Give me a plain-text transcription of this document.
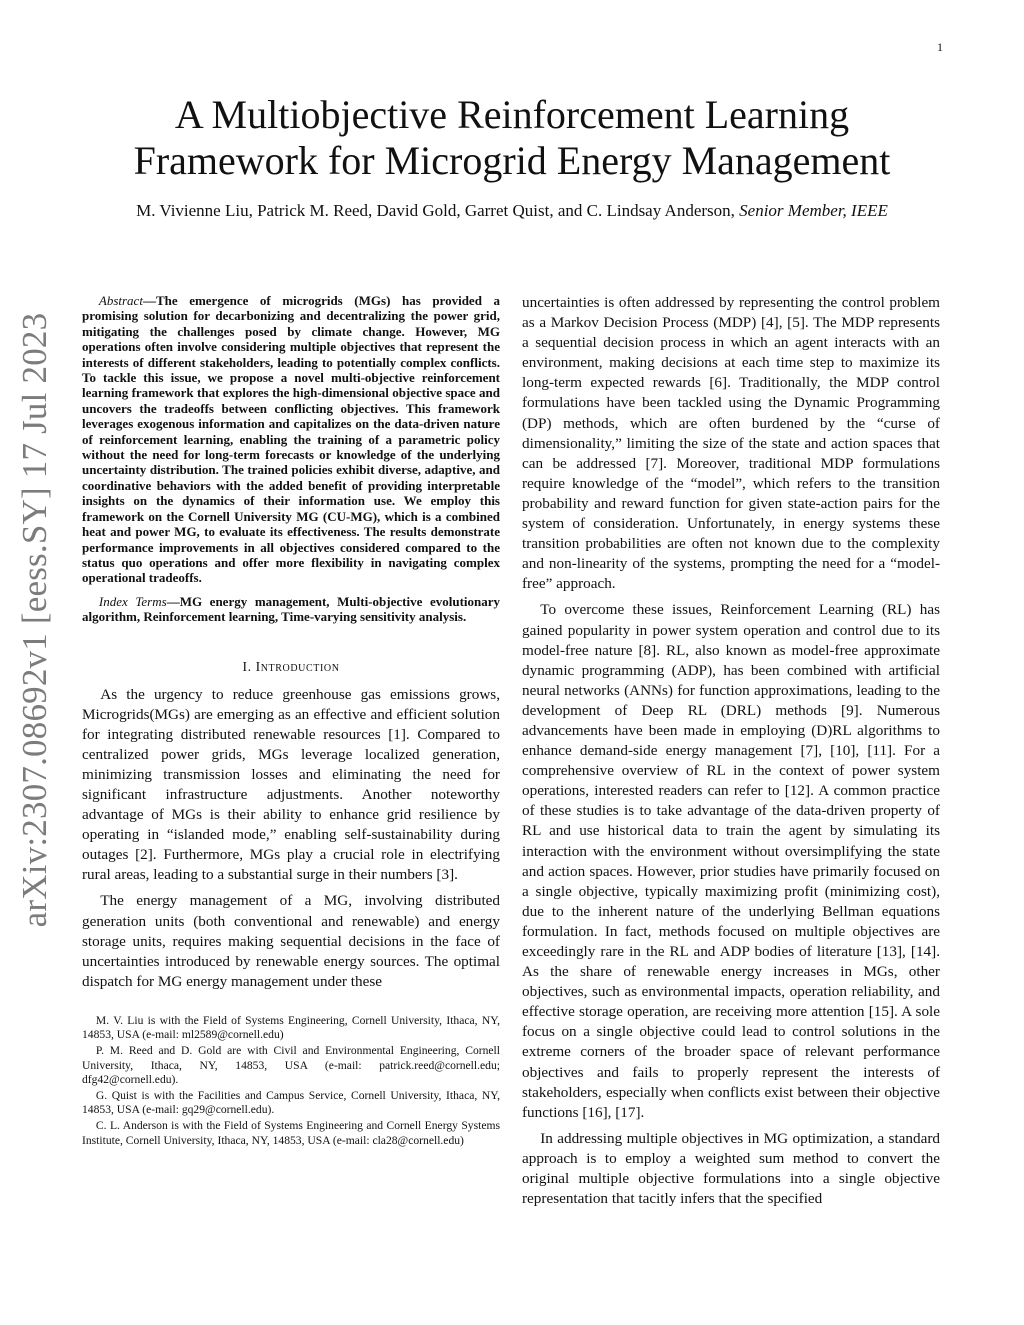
1
arXiv:2307.08692v1 [eess.SY] 17 Jul 2023
A Multiobjective Reinforcement Learning
Framework for Microgrid Energy Management
M. Vivienne Liu, Patrick M. Reed, David Gold, Garret Quist, and C. Lindsay Anderson, Senior Member, IEEE

Abstract—The emergence of microgrids (MGs) has provided a promising solution for decarbonizing and decentralizing the power grid, mitigating the challenges posed by climate change. However, MG operations often involve considering multiple objectives that represent the interests of different stakeholders, leading to potentially complex conflicts. To tackle this issue, we propose a novel multi-objective reinforcement learning framework that explores the high-dimensional objective space and uncovers the tradeoffs between conflicting objectives. This framework leverages exogenous information and capitalizes on the data-driven nature of reinforcement learning, enabling the training of a parametric policy without the need for long-term forecasts or knowledge of the underlying uncertainty distribution. The trained policies exhibit diverse, adaptive, and coordinative behaviors with the added benefit of providing interpretable insights on the dynamics of their information use. We employ this framework on the Cornell University MG (CU-MG), which is a combined heat and power MG, to evaluate its effectiveness. The results demonstrate performance improvements in all objectives considered compared to the status quo operations and offer more flexibility in navigating complex operational tradeoffs.

Index Terms—MG energy management, Multi-objective evolutionary algorithm, Reinforcement learning, Time-varying sensitivity analysis.

I. Introduction

As the urgency to reduce greenhouse gas emissions grows, Microgrids(MGs) are emerging as an effective and efficient solution for integrating distributed renewable resources [1]. Compared to centralized power grids, MGs leverage localized generation, minimizing transmission losses and eliminating the need for significant infrastructure adjustments. Another noteworthy advantage of MGs is their ability to enhance grid resilience by operating in “islanded mode,” enabling self-sustainability during outages [2]. Furthermore, MGs play a crucial role in electrifying rural areas, leading to a substantial surge in their numbers [3].

The energy management of a MG, involving distributed generation units (both conventional and renewable) and energy storage units, requires making sequential decisions in the face of uncertainties introduced by renewable energy sources. The optimal dispatch for MG energy management under these

M. V. Liu is with the Field of Systems Engineering, Cornell University, Ithaca, NY, 14853, USA (e-mail: ml2589@cornell.edu)

P. M. Reed and D. Gold are with Civil and Environmental Engineering, Cornell University, Ithaca, NY, 14853, USA (e-mail: patrick.reed@cornell.edu; dfg42@cornell.edu).

G. Quist is with the Facilities and Campus Service, Cornell University, Ithaca, NY, 14853, USA (e-mail: gq29@cornell.edu).

C. L. Anderson is with the Field of Systems Engineering and Cornell Energy Systems Institute, Cornell University, Ithaca, NY, 14853, USA (e-mail: cla28@cornell.edu)

uncertainties is often addressed by representing the control problem as a Markov Decision Process (MDP) [4], [5]. The MDP represents a sequential decision process in which an agent interacts with an environment, making decisions at each time step to maximize its long-term expected rewards [6]. Traditionally, the MDP control formulations have been tackled using the Dynamic Programming (DP) methods, which are often burdened by the “curse of dimensionality,” limiting the size of the state and action spaces that can be addressed [7]. Moreover, traditional MDP formulations require knowledge of the “model”, which refers to the transition probability and reward function for given state-action pairs for the system of consideration. Unfortunately, in energy systems these transition probabilities are often not known due to the complexity and non-linearity of the systems, prompting the need for a “model-free” approach.

To overcome these issues, Reinforcement Learning (RL) has gained popularity in power system operation and control due to its model-free nature [8]. RL, also known as model-free approximate dynamic programming (ADP), has been combined with artificial neural networks (ANNs) for function approximations, leading to the development of Deep RL (DRL) methods [9]. Numerous advancements have been made in employing (D)RL algorithms to enhance demand-side energy management [7], [10], [11]. For a comprehensive overview of RL in the context of power system operations, interested readers can refer to [12]. A common practice of these studies is to take advantage of the data-driven property of RL and use historical data to train the agent by simulating its interaction with the environment without oversimplifying the state and action spaces. However, prior studies have primarily focused on a single objective, typically maximizing profit (minimizing cost), due to the inherent nature of the underlying Bellman equations formulation. In fact, methods focused on multiple objectives are exceedingly rare in the RL and ADP bodies of literature [13], [14]. As the share of renewable energy increases in MGs, other objectives, such as environmental impacts, operation reliability, and effective storage operation, are receiving more attention [15]. A sole focus on a single objective could lead to control solutions in the extreme corners of the broader space of relevant performance objectives and fails to properly represent the interests of stakeholders, especially when conflicts exist between their objective functions [16], [17].

In addressing multiple objectives in MG optimization, a standard approach is to employ a weighted sum method to convert the original multiple objective formulations into a single objective representation that tacitly infers that the specified
